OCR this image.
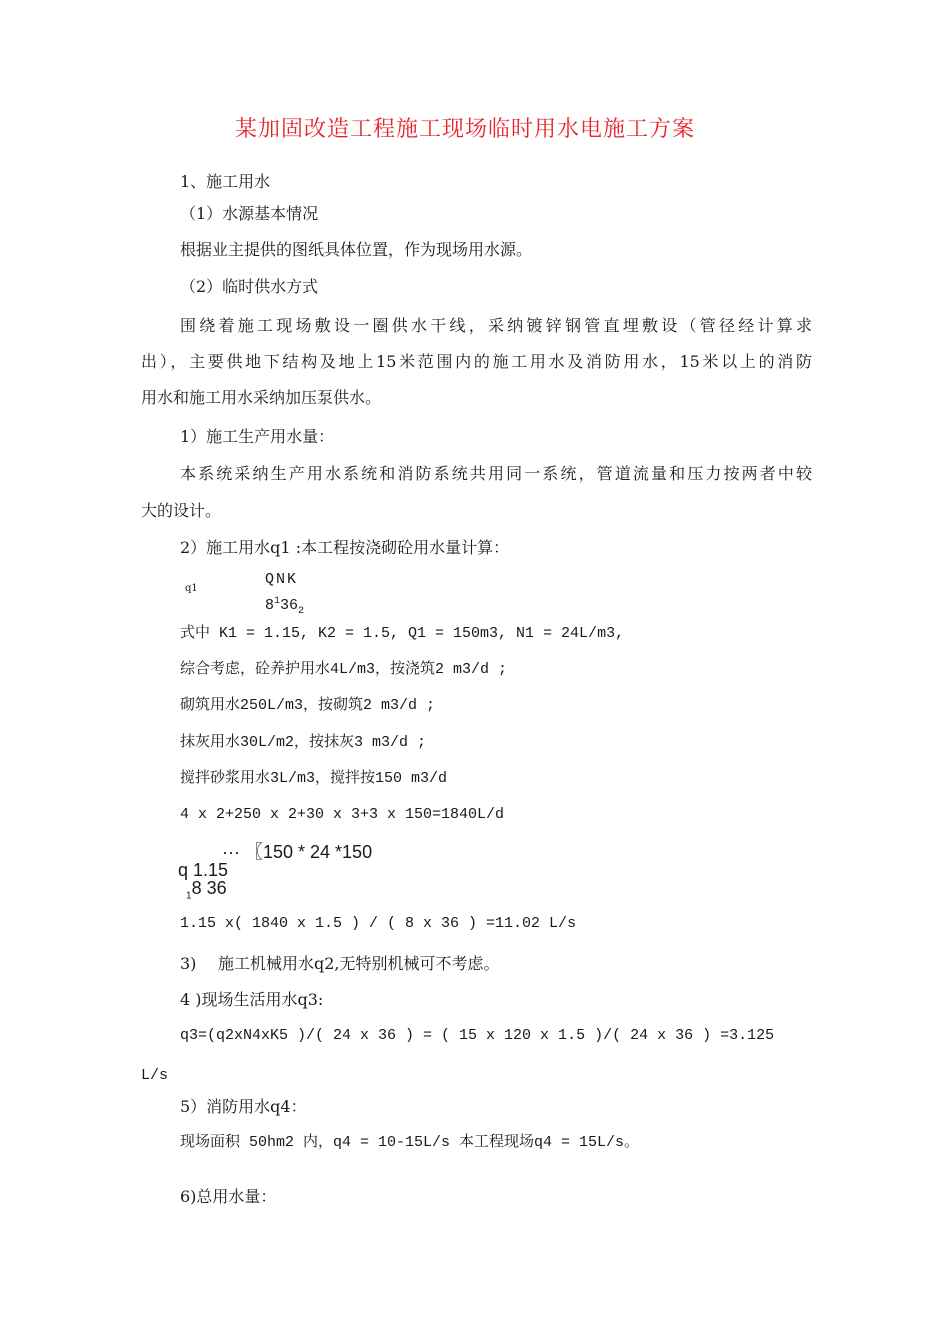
某加固改造工程施工现场临时用水电施工方案
1、施工用水
（1）水源基本情况
根据业主提供的图纸具体位置，作为现场用水源。
（2）临时供水方式
围绕着施工现场敷设一圈供水干线，采纳镀锌钢管直埋敷设（管径经计算求
出），主要供地下结构及地上15米范围内的施工用水及消防用水，15米以上的消防
用水和施工用水采纳加压泵供水。
1）施工生产用水量：
本系统采纳生产用水系统和消防系统共用同一系统，管道流量和压力按两者中较
大的设计。
2）施工用水q1 :本工程按浇砌砼用水量计算：
q1
QNK
$8^136_2$
式中 K1 = 1.15, K2 = 1.5, Q1 = 150m3, N1 = 24L/m3,
综合考虑，砼养护用水4L/m3，按浇筑2 m3/d ;
砌筑用水250L/m3，按砌筑2 m3/d ;
抹灰用水30L/m2，按抹灰3 m3/d ;
搅拌砂浆用水3L/m3，搅拌按150 m3/d
4 x 2+250 x 2+30 x 3+3 x 150=1840L/d
··· 〖150 * 24 *150
q 1.15
$_1$8 36
1.15 x( 1840 x 1.5 ) / ( 8 x 36 ) =11.02 L/s
3) 施工机械用水q2,无特别机械可不考虑。
4 )现场生活用水q3:
q3=(q2xN4xK5 )/( 24 x 36 ) = ( 15 x 120 x 1.5 )/( 24 x 36 ) =3.125
L/s
5）消防用水q4：
现场面积 50hm2 内，q4 = 10-15L/s 本工程现场q4 = 15L/s。
6)总用水量：
